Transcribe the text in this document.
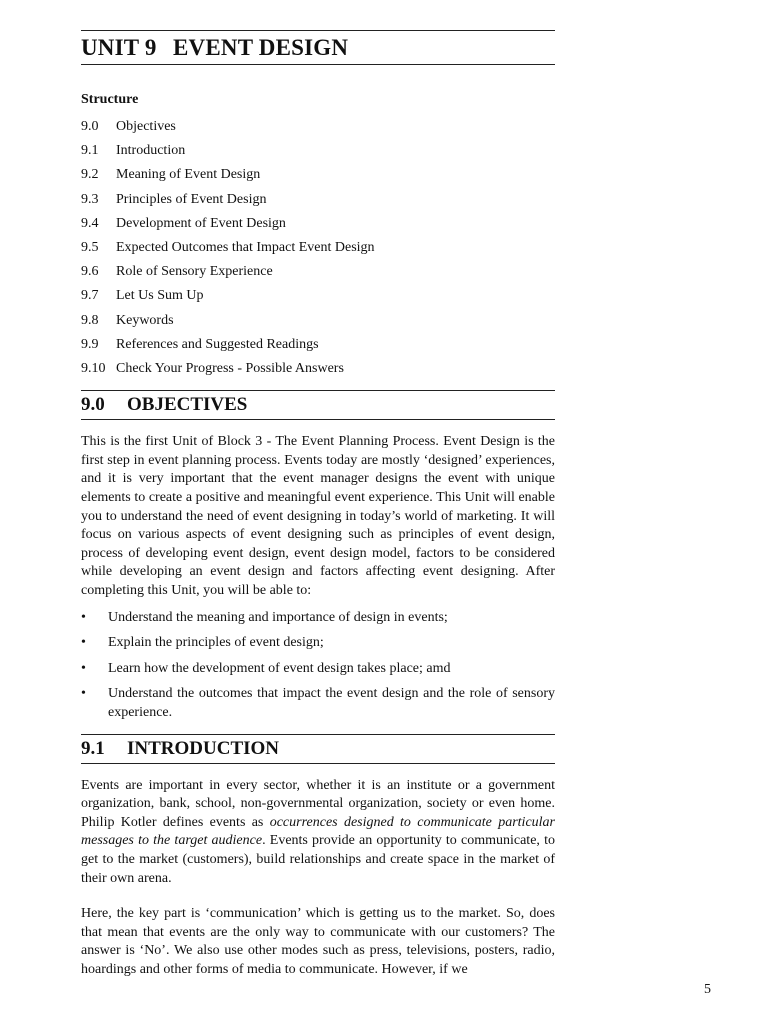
UNIT 9 EVENT DESIGN
Structure
9.0	Objectives
9.1	Introduction
9.2	Meaning of Event Design
9.3	Principles of Event Design
9.4	Development of Event Design
9.5	Expected Outcomes that Impact Event Design
9.6	Role of Sensory Experience
9.7	Let Us Sum Up
9.8	Keywords
9.9	References and Suggested Readings
9.10 Check Your Progress - Possible Answers
9.0 OBJECTIVES

This is the first Unit of Block 3 - The Event Planning Process. Event Design is the first step in event planning process. Events today are mostly ‘designed’ experiences, and it is very important that the event manager designs the event with unique elements to create a positive and meaningful event experience. This Unit will enable you to understand the need of event designing in today’s world of marketing. It will focus on various aspects of event designing such as principles of event design, process of developing event design, event design model, factors to be considered while developing an event design and factors affecting event designing. After completing this Unit, you will be able to:

• Understand the meaning and importance of design in events;
• Explain the principles of event design;
• Learn how the development of event design takes place; amd
• Understand the outcomes that impact the event design and the role of sensory experience.
9.1 INTRODUCTION

Events are important in every sector, whether it is an institute or a government organization, bank, school, non-governmental organization, society or even home. Philip Kotler defines events as occurrences designed to communicate particular messages to the target audience. Events provide an opportunity to communicate, to get to the market (customers), build relationships and create space in the market of their own arena.

Here, the key part is ‘communication’ which is getting us to the market. So, does that mean that events are the only way to communicate with our customers? The answer is ‘No’. We also use other modes such as press, televisions, posters, radio, hoardings and other forms of media to communicate. However, if we

5
